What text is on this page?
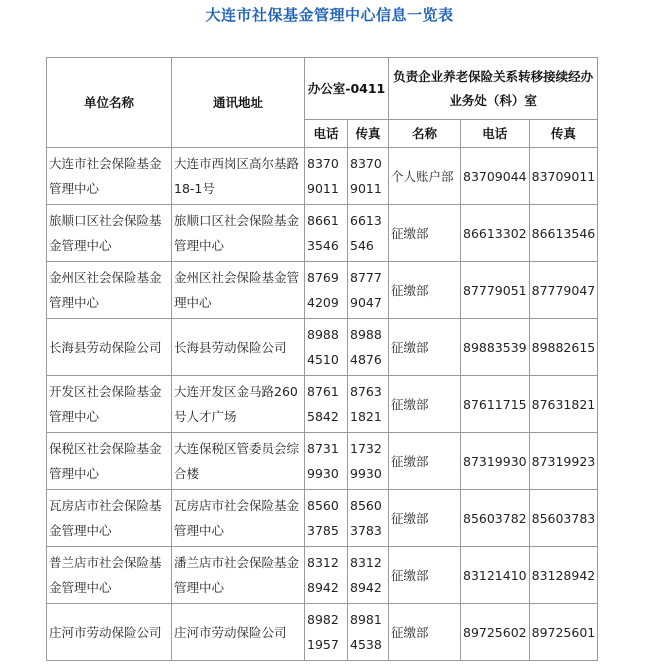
大连市社保基金管理中心信息一览表
单位名称	通讯地址	办公室-0411		负责企业养老保险关系转移接续经办业务处（科）室		
		电话	传真	名称	电话	传真
大连市社会保险基金管理中心	大连市西岗区高尔基路18-1号	83709011	83709011	个人账户部	83709044	83709011
旅顺口区社会保险基金管理中心	旅顺口区社会保险基金管理中心	86613546	6613546	征缴部	86613302	86613546
金州区社会保险基金管理中心	金州区社会保险基金管理中心	87694209	87779047	征缴部	87779051	87779047
长海县劳动保险公司	长海县劳动保险公司	89884510	89884876	征缴部	89883539	89882615
开发区社会保险基金管理中心	大连开发区金马路260号人才广场	87615842	87631821	征缴部	87611715	87631821
保税区社会保险基金管理中心	大连保税区管委员会综合楼	87319930	17329930	征缴部	87319930	87319923
瓦房店市社会保险基金管理中心	瓦房店市社会保险基金管理中心	85603785	85603783	征缴部	85603782	85603783
普兰店市社会保险基金管理中心	潘兰店市社会保险基金管理中心	83128942	83128942	征缴部	83121410	83128942
庄河市劳动保险公司	庄河市劳动保险公司	89821957	89814538	征缴部	89725602	89725601
